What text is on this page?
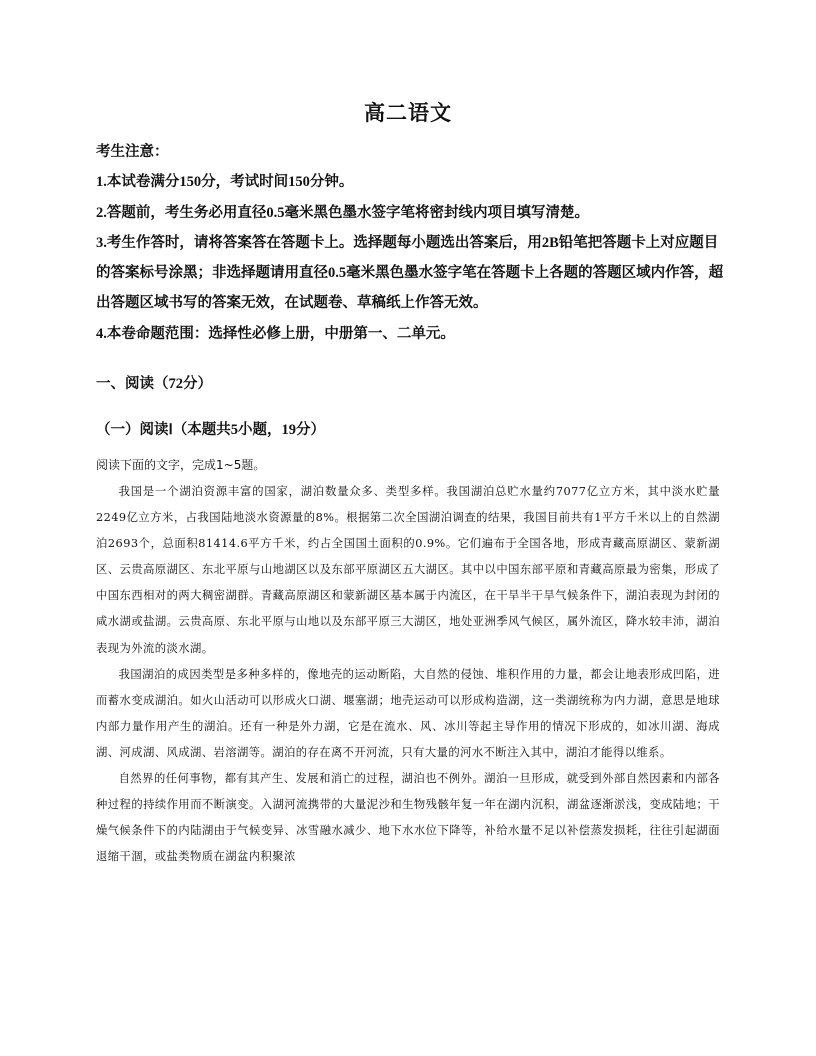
高二语文

考生注意：

1.本试卷满分150分，考试时间150分钟。

2.答题前，考生务必用直径0.5毫米黑色墨水签字笔将密封线内项目填写清楚。

3.考生作答时，请将答案答在答题卡上。选择题每小题选出答案后，用2B铅笔把答题卡上对应题目的答案标号涂黑；非选择题请用直径0.5毫米黑色墨水签字笔在答题卡上各题的答题区域内作答，超出答题区域书写的答案无效，在试题卷、草稿纸上作答无效。

4.本卷命题范围：选择性必修上册，中册第一、二单元。

一、阅读（72分）
（一）阅读Ⅰ（本题共5小题，19分）
阅读下面的文字，完成1~5题。

我国是一个湖泊资源丰富的国家，湖泊数量众多、类型多样。我国湖泊总贮水量约7077亿立方米，其中淡水贮量2249亿立方米，占我国陆地淡水资源量的8%。根据第二次全国湖泊调查的结果，我国目前共有1平方千米以上的自然湖泊2693个，总面积81414.6平方千米，约占全国国土面积的0.9%。它们遍布于全国各地，形成青藏高原湖区、蒙新湖区、云贵高原湖区、东北平原与山地湖区以及东部平原湖区五大湖区。其中以中国东部平原和青藏高原最为密集，形成了中国东西相对的两大稠密湖群。青藏高原湖区和蒙新湖区基本属于内流区，在干旱半干旱气候条件下，湖泊表现为封闭的咸水湖或盐湖。云贵高原、东北平原与山地以及东部平原三大湖区，地处亚洲季风气候区，属外流区，降水较丰沛，湖泊表现为外流的淡水湖。

我国湖泊的成因类型是多种多样的，像地壳的运动断陷，大自然的侵蚀、堆积作用的力量，都会让地表形成凹陷，进而蓄水变成湖泊。如火山活动可以形成火口湖、堰塞湖；地壳运动可以形成构造湖，这一类湖统称为内力湖，意思是地球内部力量作用产生的湖泊。还有一种是外力湖，它是在流水、风、冰川等起主导作用的情况下形成的，如冰川湖、海成湖、河成湖、风成湖、岩溶湖等。湖泊的存在离不开河流，只有大量的河水不断注入其中，湖泊才能得以维系。

自然界的任何事物，都有其产生、发展和消亡的过程，湖泊也不例外。湖泊一旦形成，就受到外部自然因素和内部各种过程的持续作用而不断演变。入湖河流携带的大量泥沙和生物残骸年复一年在湖内沉积，湖盆逐渐淤浅，变成陆地；干燥气候条件下的内陆湖由于气候变异、冰雪融水减少、地下水水位下降等，补给水量不足以补偿蒸发损耗，往往引起湖面退缩干涸，或盐类物质在湖盆内积聚浓
